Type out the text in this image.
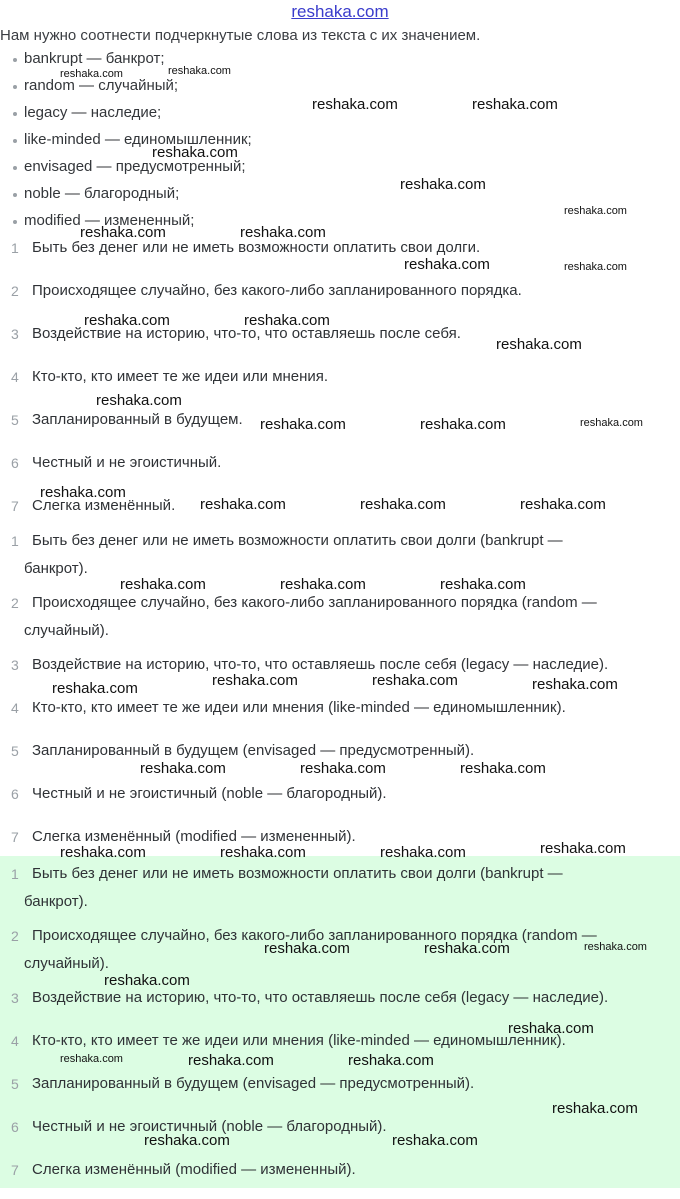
reshaka.com
Нам нужно соотнести подчеркнутые слова из текста с их значением.
bankrupt — банкрот;
random — случайный;
legacy — наследие;
like-minded — единомышленник;
envisaged — предусмотренный;
noble — благородный;
modified — измененный;
1 Быть без денег или не иметь возможности оплатить свои долги.
2 Происходящее случайно, без какого-либо запланированного порядка.
3 Воздействие на историю, что-то, что оставляешь после себя.
4 Кто-кто, кто имеет те же идеи или мнения.
5 Запланированный в будущем.
6 Честный и не эгоистичный.
7 Слегка изменённый.
1 Быть без денег или не иметь возможности оплатить свои долги (bankrupt —
банкрот).
2 Происходящее случайно, без какого-либо запланированного порядка (random —
случайный).
3 Воздействие на историю, что-то, что оставляешь после себя (legacy — наследие).
4 Кто-кто, кто имеет те же идеи или мнения (like-minded — единомышленник).
5 Запланированный в будущем (envisaged — предусмотренный).
6 Честный и не эгоистичный (noble — благородный).
7 Слегка изменённый (modified — измененный).
1 Быть без денег или не иметь возможности оплатить свои долги (bankrupt —
банкрот).
2 Происходящее случайно, без какого-либо запланированного порядка (random —
случайный).
3 Воздействие на историю, что-то, что оставляешь после себя (legacy — наследие).
4 Кто-кто, кто имеет те же идеи или мнения (like-minded — единомышленник).
5 Запланированный в будущем (envisaged — предусмотренный).
6 Честный и не эгоистичный (noble — благородный).
7 Слегка изменённый (modified — измененный).
reshaka.com	reshaka.com
reshaka.com	reshaka.com
reshaka.com
reshaka.com
reshaka.com
reshaka.com	reshaka.com
reshaka.com	reshaka.com
reshaka.com	reshaka.com
reshaka.com
reshaka.com
reshaka.com	reshaka.com	reshaka.com
reshaka.com
reshaka.com	reshaka.com	reshaka.com
reshaka.com	reshaka.com	reshaka.com
reshaka.com	reshaka.com	reshaka.com	reshaka.com
reshaka.com	reshaka.com	reshaka.com
reshaka.com	reshaka.com	reshaka.com	reshaka.com
reshaka.com	reshaka.com	reshaka.com
reshaka.com
reshaka.com
reshaka.com	reshaka.com	reshaka.com
reshaka.com
reshaka.com	reshaka.com
